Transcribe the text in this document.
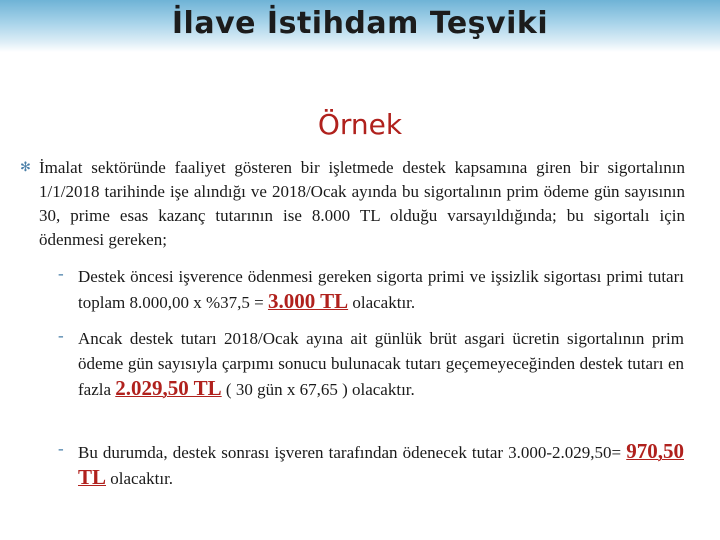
İlave İstihdam Teşviki
Örnek
✻ İmalat sektöründe faaliyet gösteren bir işletmede destek kapsamına giren bir sigortalının 1/1/2018 tarihinde işe alındığı ve 2018/Ocak ayında bu sigortalının prim ödeme gün sayısının 30, prime esas kazanç tutarının ise 8.000 TL olduğu varsayıldığında; bu sigortalı için ödenmesi gereken;
- Destek öncesi işverence ödenmesi gereken sigorta primi ve işsizlik sigortası primi tutarı toplam 8.000,00 x %37,5 = 3.000 TL olacaktır.
- Ancak destek tutarı 2018/Ocak ayına ait günlük brüt asgari ücretin sigortalının prim ödeme gün sayısıyla çarpımı sonucu bulunacak tutarı geçemeyeceğinden destek tutarı en fazla 2.029,50 TL ( 30 gün x 67,65 ) olacaktır.
- Bu durumda, destek sonrası işveren tarafından ödenecek tutar 3.000-2.029,50= 970,50 TL olacaktır.
